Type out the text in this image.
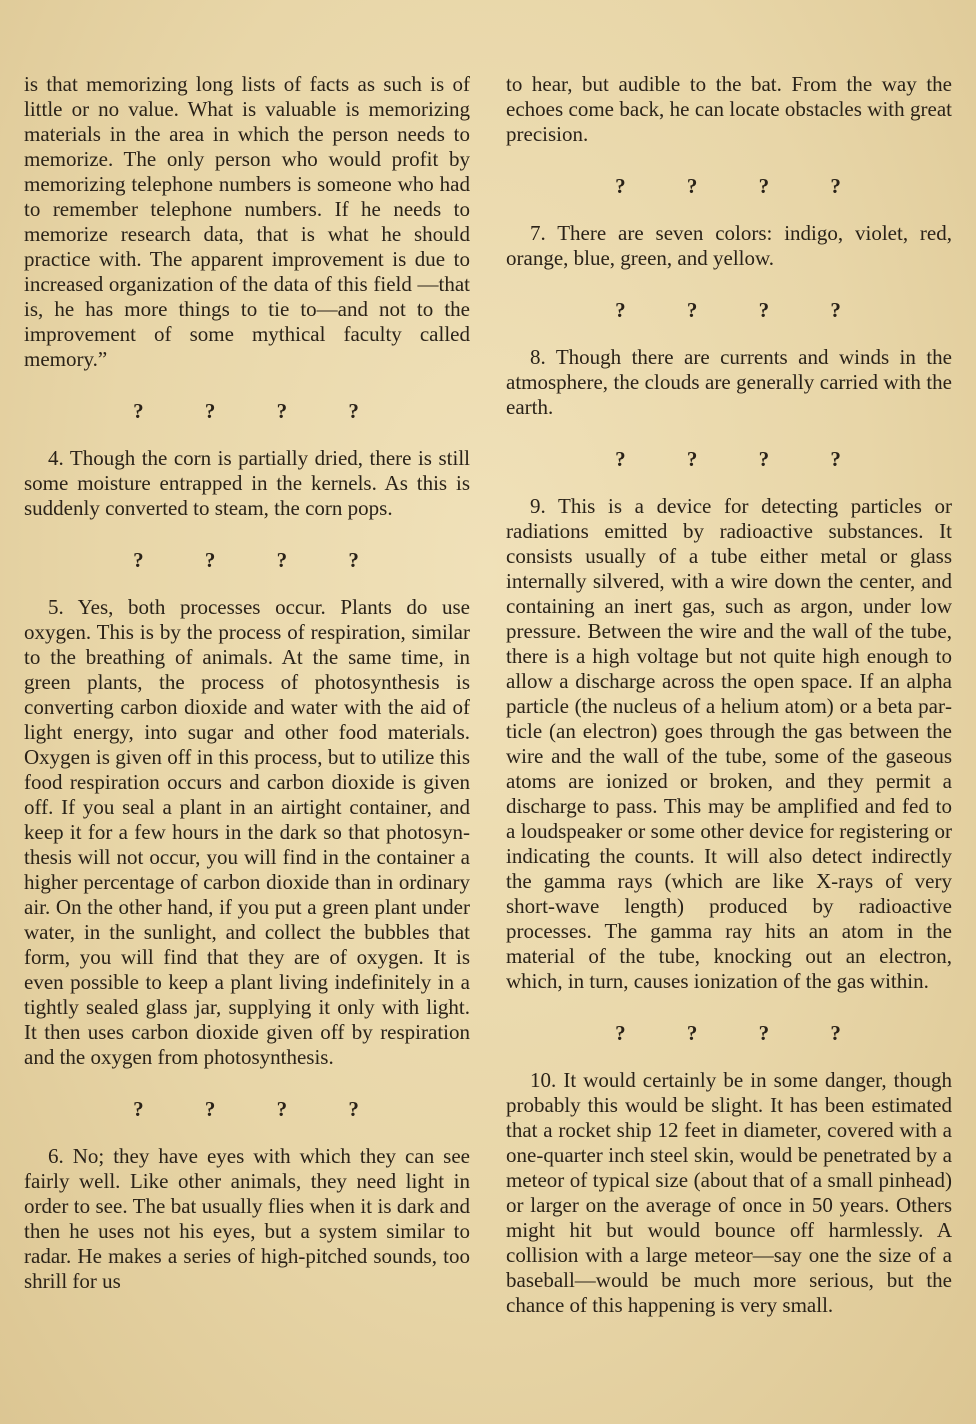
is that memorizing long lists of facts as such is of little or no value. What is valuable is memorizing materials in the area in which the person needs to memorize. The only person who would profit by memorizing telephone numbers is someone who had to remember telephone numbers. If he needs to memorize research data, that is what he should practice with. The apparent improvement is due to increased organization of the data of this field —that is, he has more things to tie to—and not to the improvement of some mythical faculty called memory.”

? ? ? ?

4. Though the corn is partially dried, there is still some moisture entrapped in the kernels. As this is suddenly converted to steam, the corn pops.

? ? ? ?

5. Yes, both processes occur. Plants do use oxygen. This is by the process of respiration, similar to the breathing of animals. At the same time, in green plants, the process of photosynthesis is converting carbon dioxide and water with the aid of light energy, into sugar and other food materials. Oxygen is given off in this process, but to utilize this food respiration occurs and carbon dioxide is given off. If you seal a plant in an airtight container, and keep it for a few hours in the dark so that photosynthesis will not occur, you will find in the container a higher percentage of carbon dioxide than in ordinary air. On the other hand, if you put a green plant under water, in the sunlight, and collect the bubbles that form, you will find that they are of oxygen. It is even possible to keep a plant living indefinitely in a tightly sealed glass jar, supplying it only with light. It then uses carbon dioxide given off by respiration and the oxygen from photosynthesis.

? ? ? ?

6. No; they have eyes with which they can see fairly well. Like other animals, they need light in order to see. The bat usually flies when it is dark and then he uses not his eyes, but a system similar to radar. He makes a series of high-pitched sounds, too shrill for us

to hear, but audible to the bat. From the way the echoes come back, he can locate obstacles with great precision.

? ? ? ?

7. There are seven colors: indigo, violet, red, orange, blue, green, and yellow.

? ? ? ?

8. Though there are currents and winds in the atmosphere, the clouds are generally carried with the earth.

? ? ? ?

9. This is a device for detecting particles or radiations emitted by radioactive substances. It consists usually of a tube either metal or glass internally silvered, with a wire down the center, and containing an inert gas, such as argon, under low pressure. Between the wire and the wall of the tube, there is a high voltage but not quite high enough to allow a discharge across the open space. If an alpha particle (the nucleus of a helium atom) or a beta particle (an electron) goes through the gas between the wire and the wall of the tube, some of the gaseous atoms are ionized or broken, and they permit a discharge to pass. This may be amplified and fed to a loudspeaker or some other device for registering or indicating the counts. It will also detect indirectly the gamma rays (which are like X-rays of very short-wave length) produced by radioactive processes. The gamma ray hits an atom in the material of the tube, knocking out an electron, which, in turn, causes ionization of the gas within.

? ? ? ?

10. It would certainly be in some danger, though probably this would be slight. It has been estimated that a rocket ship 12 feet in diameter, covered with a one-quarter inch steel skin, would be penetrated by a meteor of typical size (about that of a small pinhead) or larger on the average of once in 50 years. Others might hit but would bounce off harmlessly. A collision with a large meteor—say one the size of a baseball—would be much more serious, but the chance of this happening is very small.
